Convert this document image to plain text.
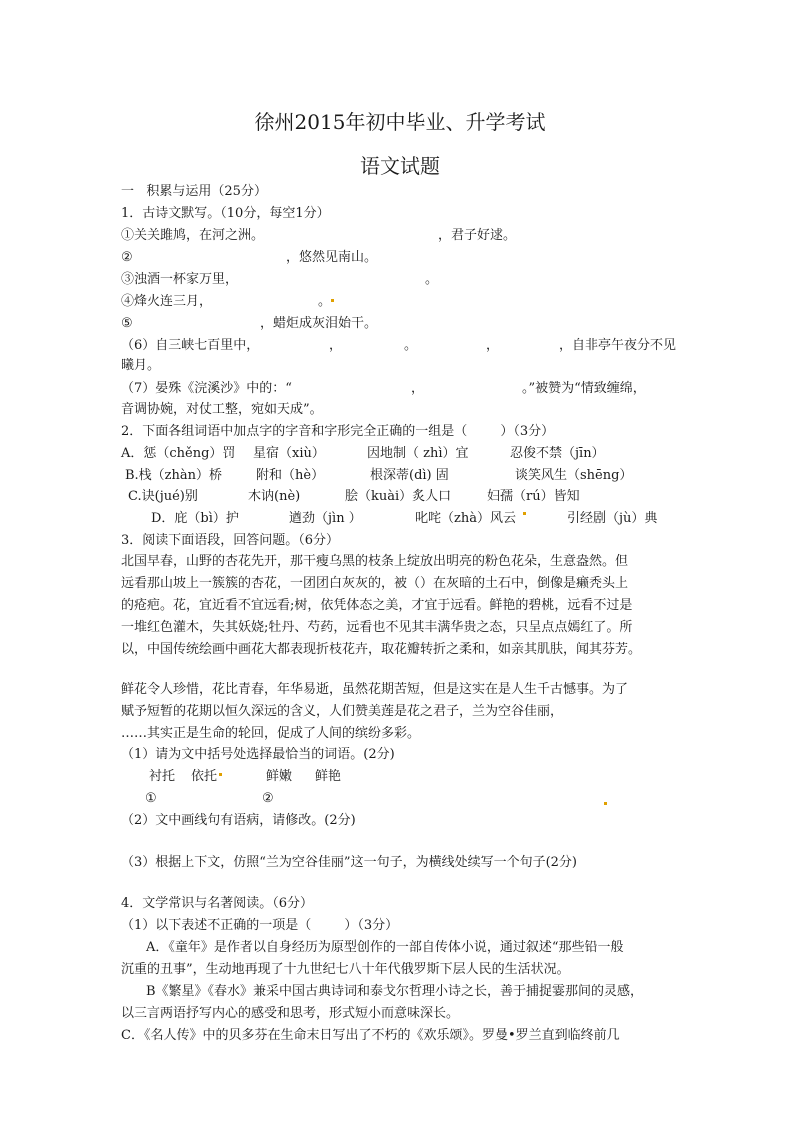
徐州2015年初中毕业、升学考试
语文试题
一   积累与运用（25分）
1．古诗文默写。（10分，每空1分）
①关关雎鸠，在河之洲。	，君子好逑。
②	，悠然见南山。
③浊酒一杯家万里，	。
④烽火连三月，	。
⑤	，蜡炬成灰泪始干。
（6）自三峡七百里中，	，	。	，	，自非亭午夜分不见
曦月。
（7）晏殊《浣溪沙》中的：“	，	。”被赞为“情致缠绵，
音调协婉，对仗工整，宛如天成”。
2．下面各组词语中加点字的字音和字形完全正确的一组是（        ）（3分）
A．惩（chěng）罚 星宿（xiù）	因地制（ zhì）宜	忍俊不禁（jīn）
B.栈（zhàn）桥	附和（hè）	根深蒂(dì) 固	谈笑风生（shēng）
C.诀(jué)别	木讷(nè)	脍（kuài）炙人口	妇孺（rú）皆知
D．庇（bì）护	遒劲（jìn ）	叱咤（zhà）风云	引经剧（jù）典
3．阅读下面语段，回答问题。（6分）
北国早春，山野的杏花先开，那干瘦乌黑的枝条上绽放出明亮的粉色花朵，生意盎然。但
远看那山坡上一簇簇的杏花，一团团白灰灰的，被（）在灰暗的土石中，倒像是癞秃头上
的疮疤。花，宜近看不宜远看;树，依凭体态之美，才宜于远看。鲜艳的碧桃，远看不过是
一堆红色灌木，失其妖娆;牡丹、芍药，远看也不见其丰满华贵之态，只呈点点嫣红了。所
以，中国传统绘画中画花大都表现折枝花卉，取花瓣转折之柔和，如亲其肌肤，闻其芬芳。
鲜花令人珍惜，花比青春，年华易逝，虽然花期苦短，但是这实在是人生千古憾事。为了
赋予短暂的花期以恒久深远的含义，人们赞美莲是花之君子，兰为空谷佳丽，
……其实正是生命的轮回，促成了人间的缤纷多彩。
（1）请为文中括号处选择最恰当的词语。(2分)
衬托 依托	鲜嫩 鲜艳
①	②
（2）文中画线句有语病，请修改。(2分)
（3）根据上下文，仿照“兰为空谷佳丽”这一句子，为横线处续写一个句子(2分)
4．文学常识与名著阅读。（6分）
（1）以下表述不正确的一项是（        ）（3分）
A．《童年》是作者以自身经历为原型创作的一部自传体小说，通过叙述“那些铅一般
沉重的丑事”，生动地再现了十九世纪七八十年代俄罗斯下层人民的生活状况。
B《繁星》《春水》兼采中国古典诗词和泰戈尔哲理小诗之长，善于捕捉霎那间的灵感，
以三言两语抒写内心的感受和思考，形式短小而意味深长。
C．《名人传》中的贝多芬在生命末日写出了不朽的《欢乐颂》。罗曼•罗兰直到临终前几
